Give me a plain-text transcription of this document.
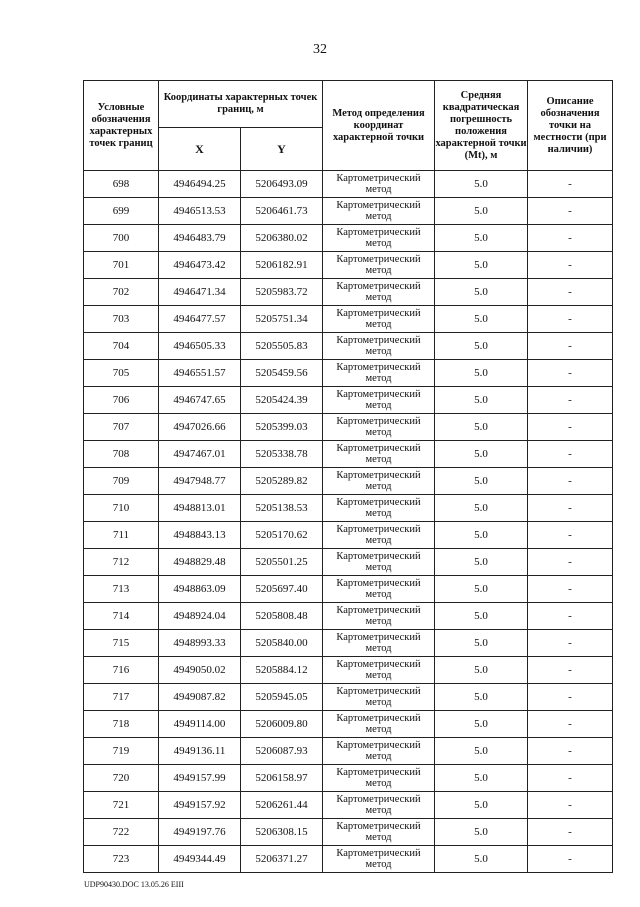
32
Условные обозначения характерных точек границ	Координаты характерных точек границ, м		Метод определения координат характерной точки	Средняя квадратическая погрешность положения характерной точки (Mt), м	Описание обозначения точки на местности (при наличии)
	X	Y			
698	4946494.25	5206493.09	Картометрический метод	5.0	-
699	4946513.53	5206461.73	Картометрический метод	5.0	-
700	4946483.79	5206380.02	Картометрический метод	5.0	-
701	4946473.42	5206182.91	Картометрический метод	5.0	-
702	4946471.34	5205983.72	Картометрический метод	5.0	-
703	4946477.57	5205751.34	Картометрический метод	5.0	-
704	4946505.33	5205505.83	Картометрический метод	5.0	-
705	4946551.57	5205459.56	Картометрический метод	5.0	-
706	4946747.65	5205424.39	Картометрический метод	5.0	-
707	4947026.66	5205399.03	Картометрический метод	5.0	-
708	4947467.01	5205338.78	Картометрический метод	5.0	-
709	4947948.77	5205289.82	Картометрический метод	5.0	-
710	4948813.01	5205138.53	Картометрический метод	5.0	-
711	4948843.13	5205170.62	Картометрический метод	5.0	-
712	4948829.48	5205501.25	Картометрический метод	5.0	-
713	4948863.09	5205697.40	Картометрический метод	5.0	-
714	4948924.04	5205808.48	Картометрический метод	5.0	-
715	4948993.33	5205840.00	Картометрический метод	5.0	-
716	4949050.02	5205884.12	Картометрический метод	5.0	-
717	4949087.82	5205945.05	Картометрический метод	5.0	-
718	4949114.00	5206009.80	Картометрический метод	5.0	-
719	4949136.11	5206087.93	Картометрический метод	5.0	-
720	4949157.99	5206158.97	Картометрический метод	5.0	-
721	4949157.92	5206261.44	Картометрический метод	5.0	-
722	4949197.76	5206308.15	Картометрический метод	5.0	-
723	4949344.49	5206371.27	Картометрический метод	5.0	-
UDP90430.DOC 13.05.26 EIII
